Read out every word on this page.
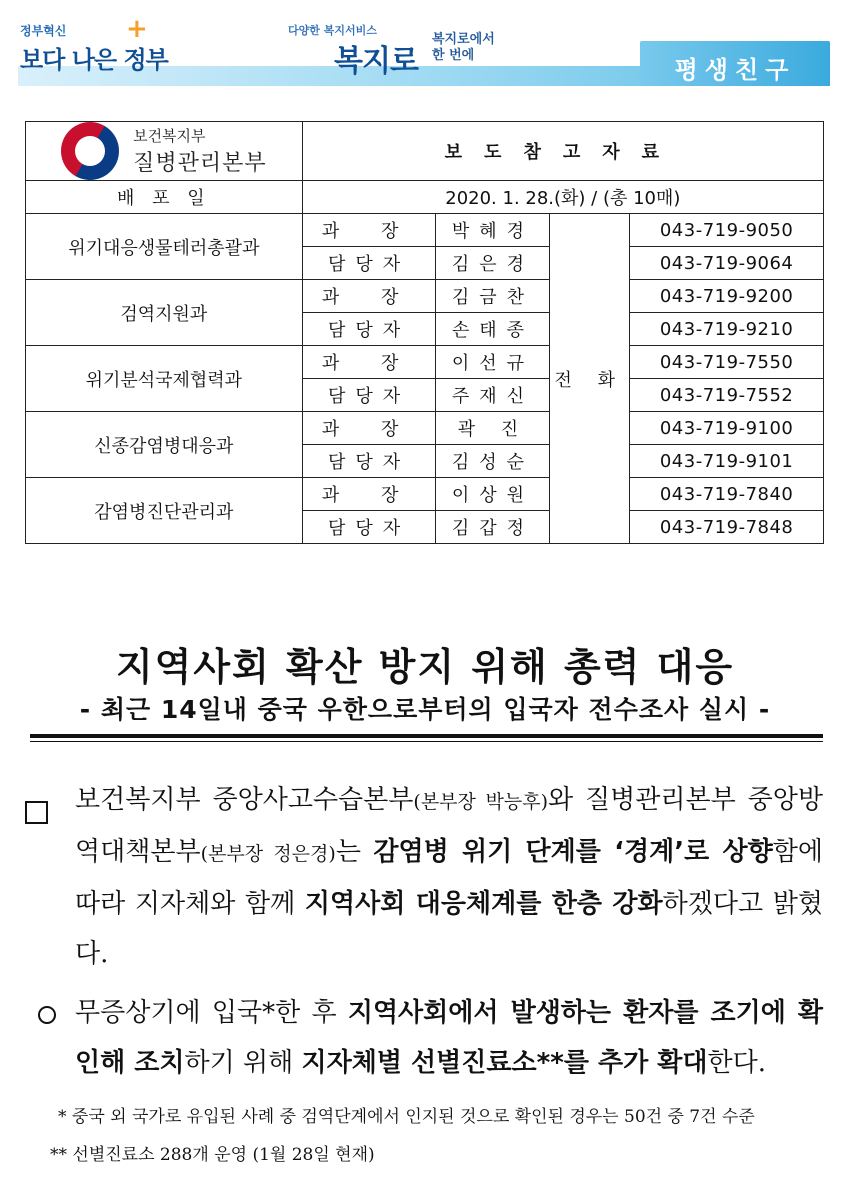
정부혁신
보다 나은 정부
+	다양한 복지서비스
복지로
복지로에서
한 번에
평생친구
보건복지부
질병관리본부	보도참고자료			
배 포 일	2020. 1. 28.(화) / (총 10매)			
위기대응생물테러총괄과	과 장	박혜경	전 화	043-719-9050
	담당자	김은경		043-719-9064
검역지원과	과 장	김금찬		043-719-9200
	담당자	손태종		043-719-9210
위기분석국제협력과	과 장	이선규		043-719-7550
	담당자	주재신		043-719-7552
신종감염병대응과	과 장	곽 진		043-719-9100
	담당자	김성순		043-719-9101
감염병진단관리과	과 장	이상원		043-719-7840
	담당자	김갑정		043-719-7848
지역사회 확산 방지 위해 총력 대응
- 최근 14일내 중국 우한으로부터의 입국자 전수조사 실시 -
보건복지부 중앙사고수습본부(본부장 박능후)와 질병관리본부 중앙방역대책본부(본부장 정은경)는 감염병 위기 단계를 ‘경계’로 상향함에 따라 지자체와 함께 지역사회 대응체계를 한층 강화하겠다고 밝혔다.
무증상기에 입국*한 후 지역사회에서 발생하는 환자를 조기에 확인해 조치하기 위해 지자체별 선별진료소**를 추가 확대한다.
* 중국 외 국가로 유입된 사례 중 검역단계에서 인지된 것으로 확인된 경우는 50건 중 7건 수준
** 선별진료소 288개 운영 (1월 28일 현재)
